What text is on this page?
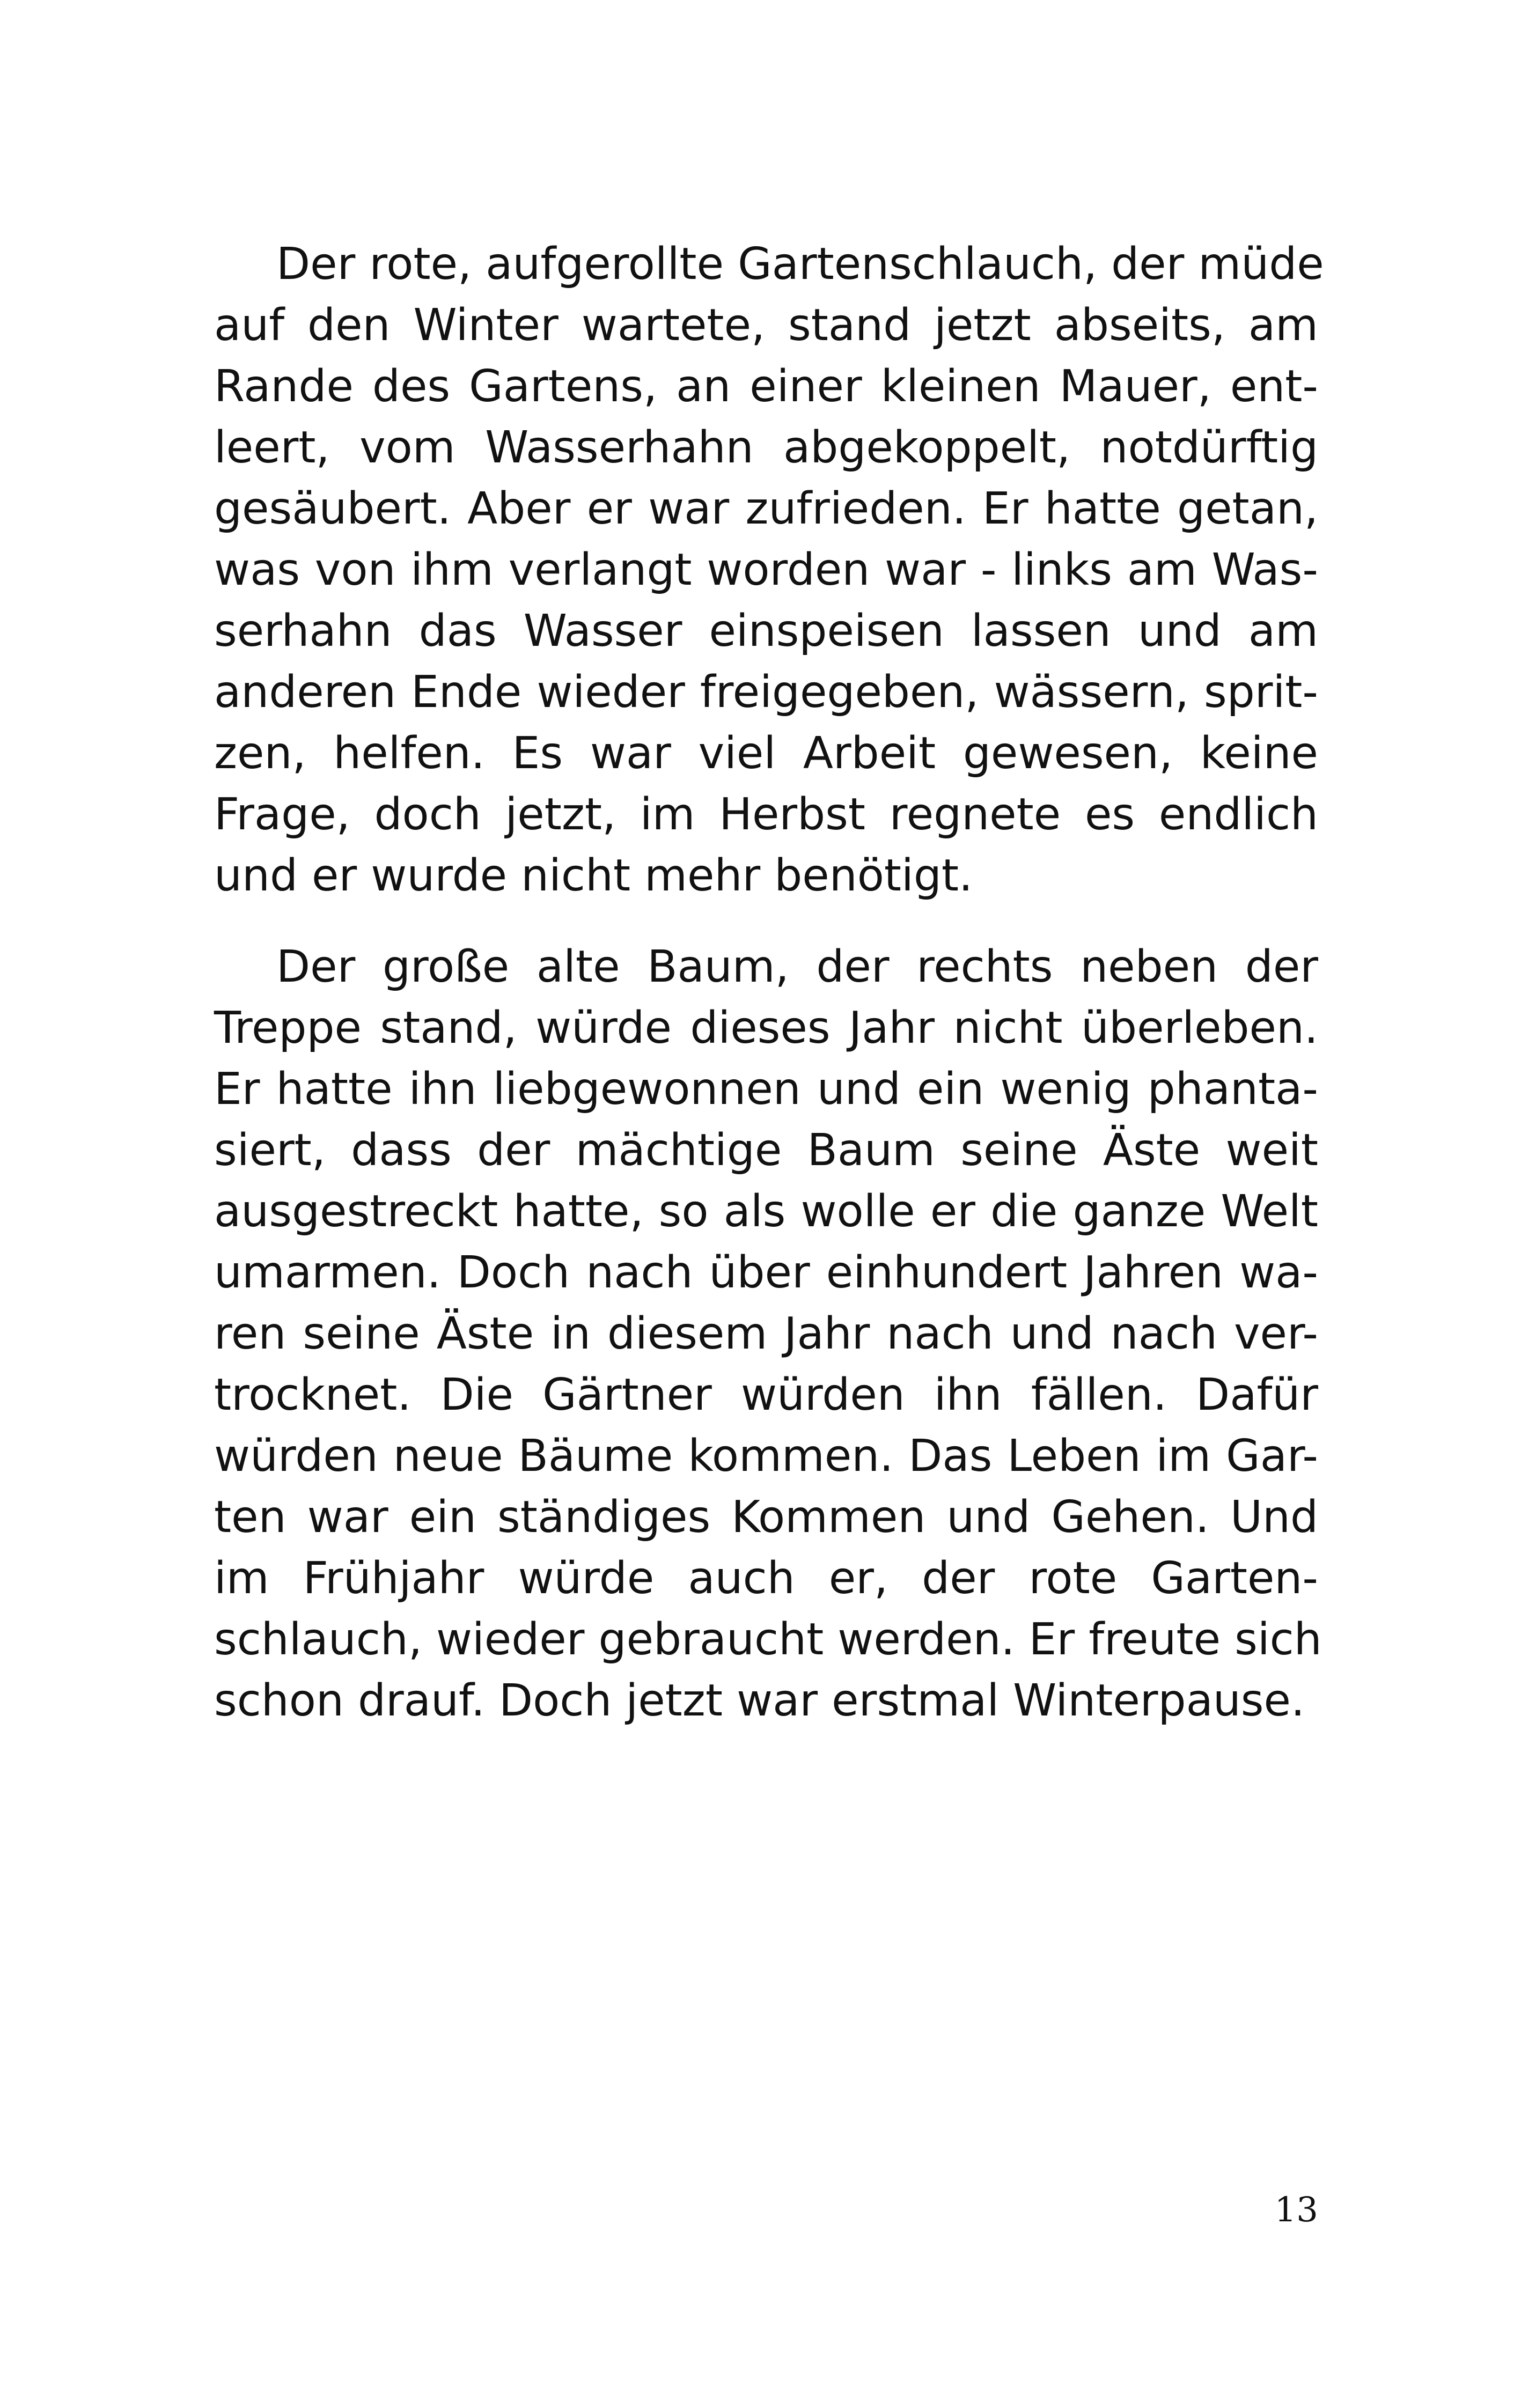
Der rote, aufgerollte Gartenschlauch, der müde
auf den Winter wartete, stand jetzt abseits, am
Rande des Gartens, an einer kleinen Mauer, ent-
leert, vom Wasserhahn abgekoppelt, notdürftig
gesäubert. Aber er war zufrieden. Er hatte getan,
was von ihm verlangt worden war - links am Was-
serhahn das Wasser einspeisen lassen und am
anderen Ende wieder freigegeben, wässern, sprit-
zen, helfen. Es war viel Arbeit gewesen, keine
Frage, doch jetzt, im Herbst regnete es endlich
und er wurde nicht mehr benötigt.
Der große alte Baum, der rechts neben der
Treppe stand, würde dieses Jahr nicht überleben.
Er hatte ihn liebgewonnen und ein wenig phanta-
siert, dass der mächtige Baum seine Äste weit
ausgestreckt hatte, so als wolle er die ganze Welt
umarmen. Doch nach über einhundert Jahren wa-
ren seine Äste in diesem Jahr nach und nach ver-
trocknet. Die Gärtner würden ihn fällen. Dafür
würden neue Bäume kommen. Das Leben im Gar-
ten war ein ständiges Kommen und Gehen. Und
im Frühjahr würde auch er, der rote Garten-
schlauch, wieder gebraucht werden. Er freute sich
schon drauf. Doch jetzt war erstmal Winterpause.
13
